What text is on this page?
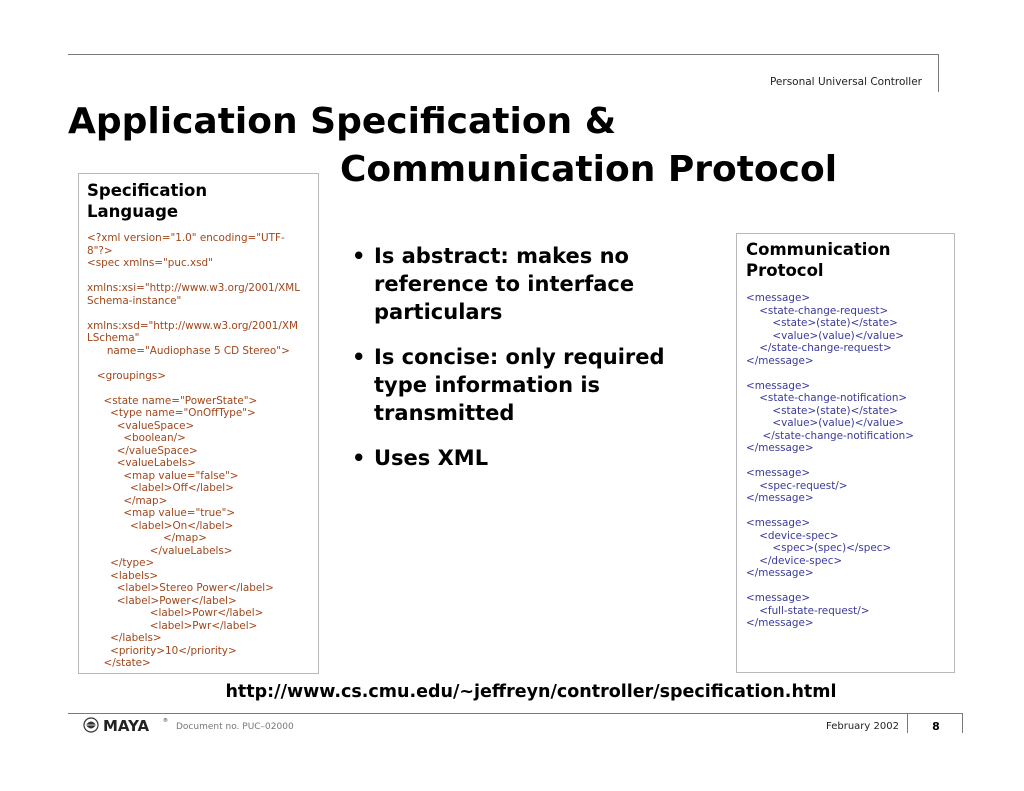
Personal Universal Controller
Application Specification &
Communication Protocol
Specification
Language
<?xml version="1.0" encoding="UTF-
8"?>
<spec xmlns="puc.xsd"

xmlns:xsi="http://www.w3.org/2001/XML
Schema-instance"

xmlns:xsd="http://www.w3.org/2001/XM
LSchema"
name="Audiophase 5 CD Stereo">

<groupings>

<state name="PowerState">
<type name="OnOffType">
<valueSpace>
<boolean/>
</valueSpace>
<valueLabels>
<map value="false">
<label>Off</label>
</map>
<map value="true">
<label>On</label>
</map>
</valueLabels>
</type>
<labels>
<label>Stereo Power</label>
<label>Power</label>
<label>Powr</label>
<label>Pwr</label>
</labels>
<priority>10</priority>
</state>
• Is abstract: makes no reference to interface particulars
• Is concise: only required type information is transmitted
• Uses XML
Communication
Protocol
<message>
<state-change-request>
<state>(state)</state>
<value>(value)</value>
</state-change-request>
</message>

<message>
<state-change-notification>
<state>(state)</state>
<value>(value)</value>
</state-change-notification>
</message>

<message>
<spec-request/>
</message>

<message>
<device-spec>
<spec>(spec)</spec>
</device-spec>
</message>

<message>
<full-state-request/>
</message>
http://www.cs.cmu.edu/~jeffreyn/controller/specification.html
MAYA	®
Document no. PUC–02000	February 2002	8
